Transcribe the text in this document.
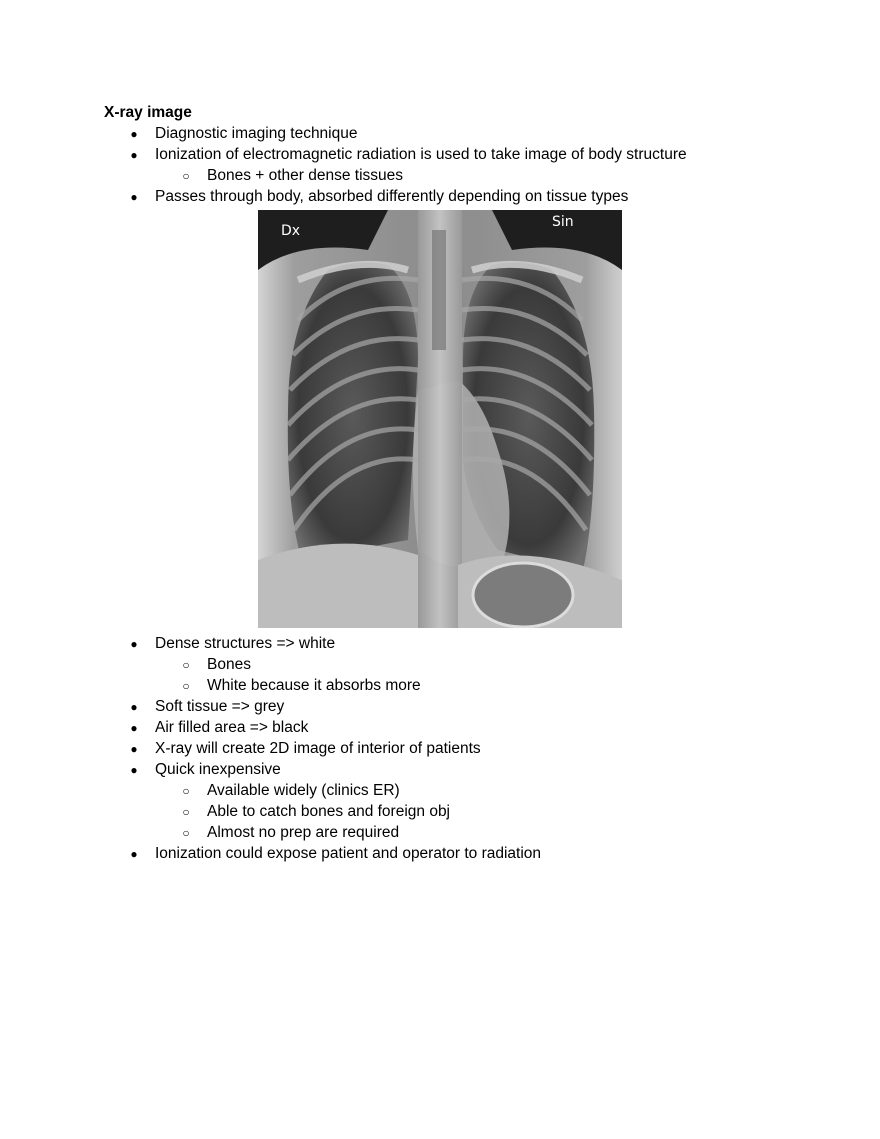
X-ray image
● Diagnostic imaging technique
● Ionization of electromagnetic radiation is used to take image of body structure
○ Bones + other dense tissues
● Passes through body, absorbed differently depending on tissue types
Dx
Sin
● Dense structures => white
○ Bones
○ White because it absorbs more
● Soft tissue => grey
● Air filled area => black
● X-ray will create 2D image of interior of patients
● Quick inexpensive
○ Available widely (clinics ER)
○ Able to catch bones and foreign obj
○ Almost no prep are required
● Ionization could expose patient and operator to radiation
